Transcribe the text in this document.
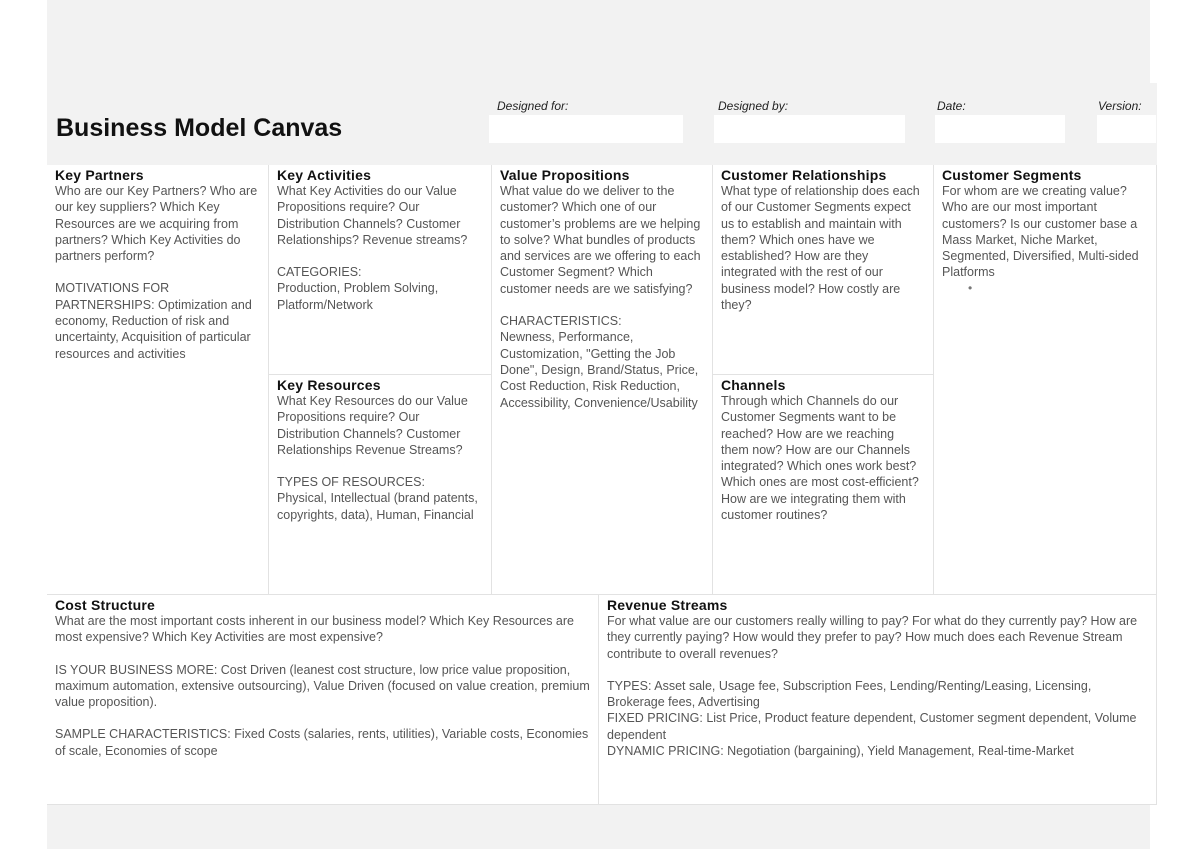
Business Model Canvas
Designed for:	Designed by:	Date:	Version:
Key Partners

Who are our Key Partners? Who are our key suppliers? Which Key Resources are we acquiring from partners? Which Key Activities do partners perform?

MOTIVATIONS FOR PARTNERSHIPS: Optimization and economy, Reduction of risk and uncertainty, Acquisition of particular resources and activities

Key Activities

What Key Activities do our Value Propositions require? Our Distribution Channels? Customer Relationships? Revenue streams?

CATEGORIES:
Production, Problem Solving, Platform/Network

Key Resources

What Key Resources do our Value Propositions require? Our Distribution Channels? Customer Relationships Revenue Streams?

TYPES OF RESOURCES:
Physical, Intellectual (brand patents, copyrights, data), Human, Financial

Value Propositions

What value do we deliver to the customer? Which one of our customer’s problems are we helping to solve? What bundles of products and services are we offering to each Customer Segment? Which customer needs are we satisfying?

CHARACTERISTICS:
Newness, Performance, Customization, "Getting the Job Done", Design, Brand/Status, Price, Cost Reduction, Risk Reduction, Accessibility, Convenience/Usability

Customer Relationships

What type of relationship does each of our Customer Segments expect us to establish and maintain with them? Which ones have we established? How are they integrated with the rest of our business model? How costly are they?

Channels

Through which Channels do our Customer Segments want to be reached? How are we reaching them now? How are our Channels integrated? Which ones work best? Which ones are most cost-efficient? How are we integrating them with customer routines?

Customer Segments

For whom are we creating value? Who are our most important customers? Is our customer base a Mass Market, Niche Market, Segmented, Diversified, Multi-sided Platforms

•
Cost Structure

What are the most important costs inherent in our business model? Which Key Resources are most expensive? Which Key Activities are most expensive?

IS YOUR BUSINESS MORE: Cost Driven (leanest cost structure, low price value proposition, maximum automation, extensive outsourcing), Value Driven (focused on value creation, premium value proposition).

SAMPLE CHARACTERISTICS: Fixed Costs (salaries, rents, utilities), Variable costs, Economies of scale, Economies of scope

Revenue Streams

For what value are our customers really willing to pay? For what do they currently pay? How are they currently paying? How would they prefer to pay? How much does each Revenue Stream contribute to overall revenues?

TYPES: Asset sale, Usage fee, Subscription Fees, Lending/Renting/Leasing, Licensing, Brokerage fees, Advertising
FIXED PRICING: List Price, Product feature dependent, Customer segment dependent, Volume dependent
DYNAMIC PRICING: Negotiation (bargaining), Yield Management, Real-time-Market
